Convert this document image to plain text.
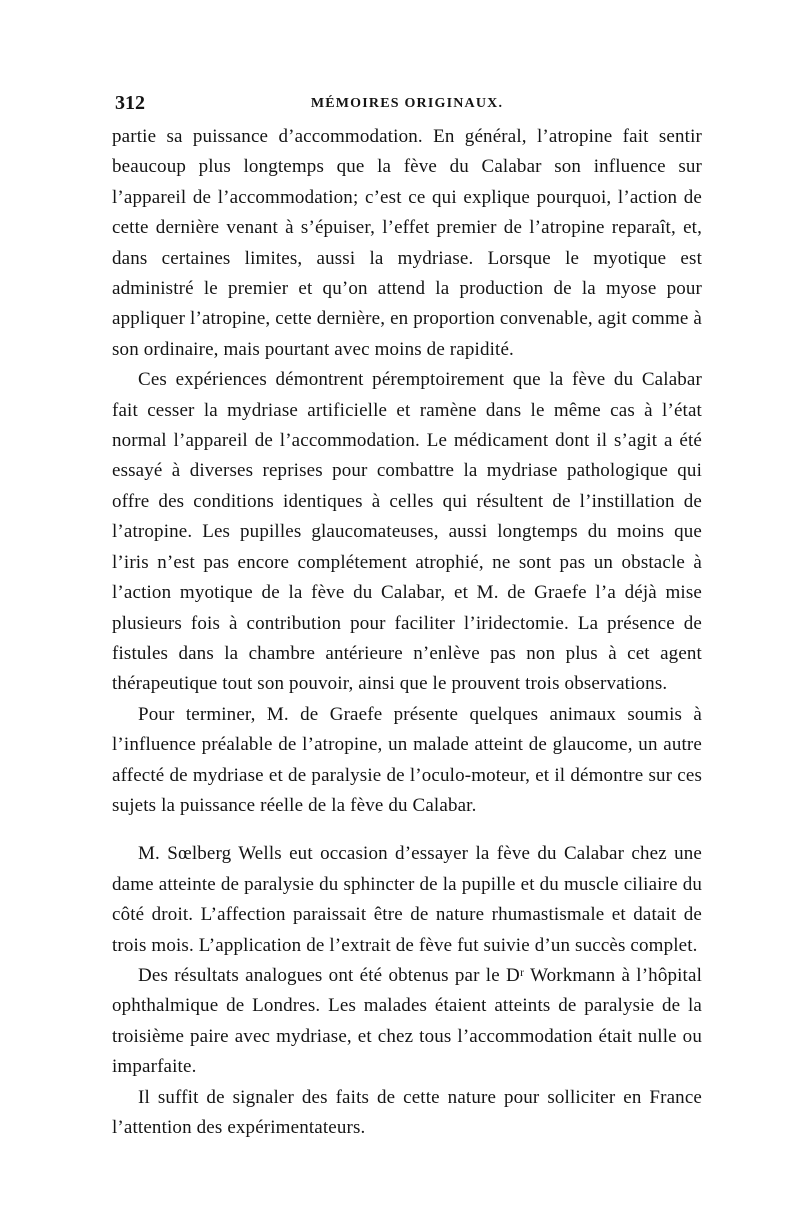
312	MÉMOIRES ORIGINAUX.

partie sa puissance d’accommodation. En général, l’atropine fait sentir beaucoup plus longtemps que la fève du Calabar son influence sur l’appareil de l’accommodation; c’est ce qui explique pourquoi, l’action de cette dernière venant à s’épuiser, l’effet premier de l’atropine reparaît, et, dans certaines limites, aussi la mydriase. Lorsque le myotique est administré le premier et qu’on attend la production de la myose pour appliquer l’atropine, cette dernière, en proportion convenable, agit comme à son ordinaire, mais pourtant avec moins de rapidité.

Ces expériences démontrent péremptoirement que la fève du Calabar fait cesser la mydriase artificielle et ramène dans le même cas à l’état normal l’appareil de l’accommodation. Le médicament dont il s’agit a été essayé à diverses reprises pour combattre la mydriase pathologique qui offre des conditions identiques à celles qui résultent de l’instillation de l’atropine. Les pupilles glaucomateuses, aussi longtemps du moins que l’iris n’est pas encore complétement atrophié, ne sont pas un obstacle à l’action myotique de la fève du Calabar, et M. de Graefe l’a déjà mise plusieurs fois à contribution pour faciliter l’iridectomie. La présence de fistules dans la chambre antérieure n’enlève pas non plus à cet agent thérapeutique tout son pouvoir, ainsi que le prouvent trois observations.

Pour terminer, M. de Graefe présente quelques animaux soumis à l’influence préalable de l’atropine, un malade atteint de glaucome, un autre affecté de mydriase et de paralysie de l’oculo-moteur, et il démontre sur ces sujets la puissance réelle de la fève du Calabar.

M. Sœlberg Wells eut occasion d’essayer la fève du Calabar chez une dame atteinte de paralysie du sphincter de la pupille et du muscle ciliaire du côté droit. L’affection paraissait être de nature rhumastismale et datait de trois mois. L’application de l’extrait de fève fut suivie d’un succès complet.

Des résultats analogues ont été obtenus par le Dʳ Workmann à l’hôpital ophthalmique de Londres. Les malades étaient atteints de paralysie de la troisième paire avec mydriase, et chez tous l’accommodation était nulle ou imparfaite.

Il suffit de signaler des faits de cette nature pour solliciter en France l’attention des expérimentateurs.
